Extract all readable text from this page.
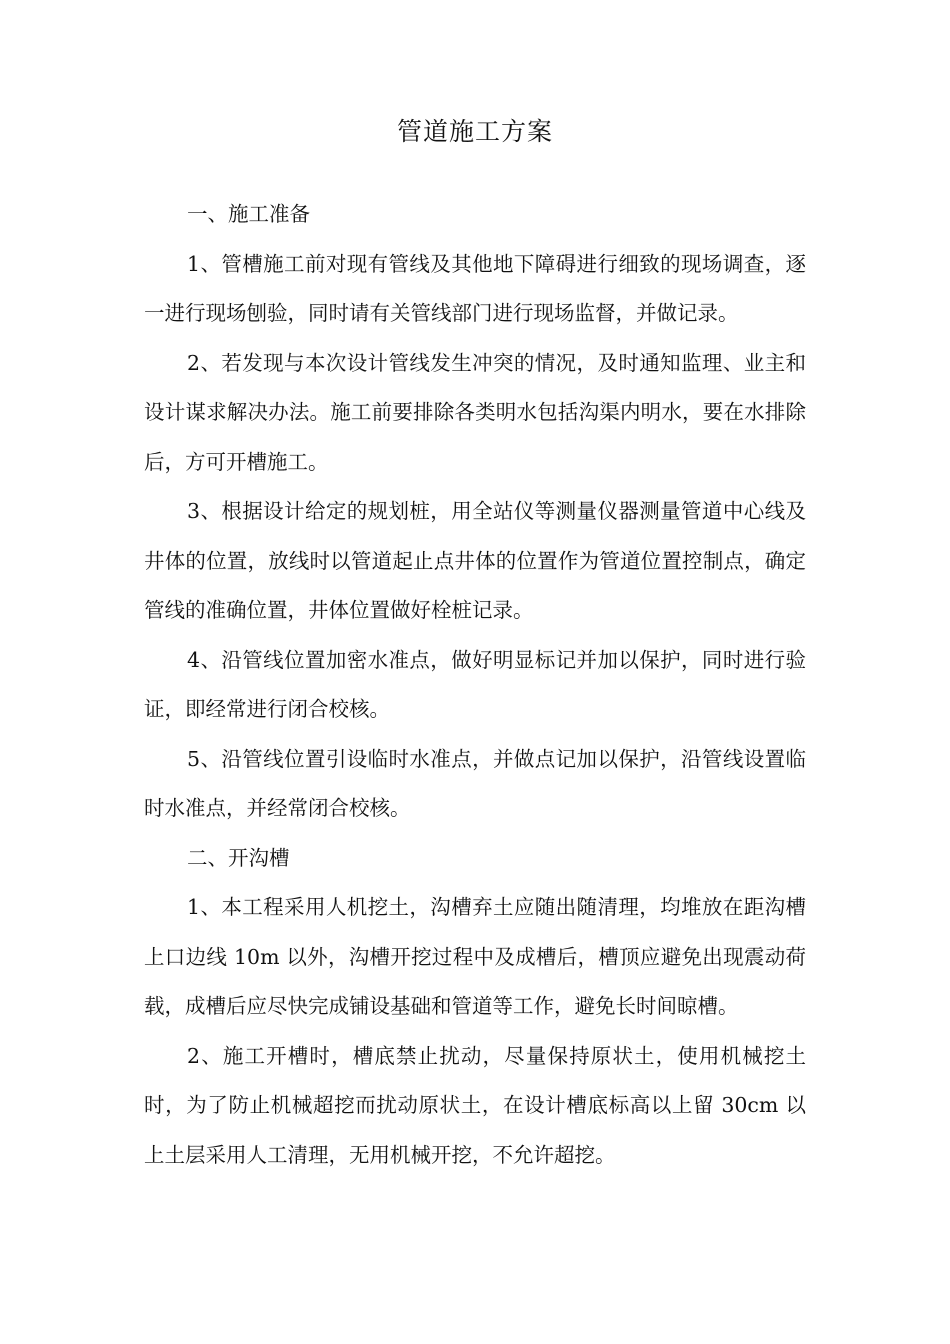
管道施工方案

一、施工准备

1、管槽施工前对现有管线及其他地下障碍进行细致的现场调查，逐一进行现场刨验，同时请有关管线部门进行现场监督，并做记录。

2、若发现与本次设计管线发生冲突的情况，及时通知监理、业主和设计谋求解决办法。施工前要排除各类明水包括沟渠内明水，要在水排除后，方可开槽施工。

3、根据设计给定的规划桩，用全站仪等测量仪器测量管道中心线及井体的位置，放线时以管道起止点井体的位置作为管道位置控制点，确定管线的准确位置，井体位置做好栓桩记录。

4、沿管线位置加密水准点，做好明显标记并加以保护，同时进行验证，即经常进行闭合校核。

5、沿管线位置引设临时水准点，并做点记加以保护，沿管线设置临时水准点，并经常闭合校核。

二、开沟槽

1、本工程采用人机挖土，沟槽弃土应随出随清理，均堆放在距沟槽上口边线 10m 以外，沟槽开挖过程中及成槽后，槽顶应避免出现震动荷载，成槽后应尽快完成铺设基础和管道等工作，避免长时间晾槽。

2、施工开槽时，槽底禁止扰动，尽量保持原状土，使用机械挖土时，为了防止机械超挖而扰动原状土，在设计槽底标高以上留 30cm 以上土层采用人工清理，无用机械开挖，不允许超挖。
